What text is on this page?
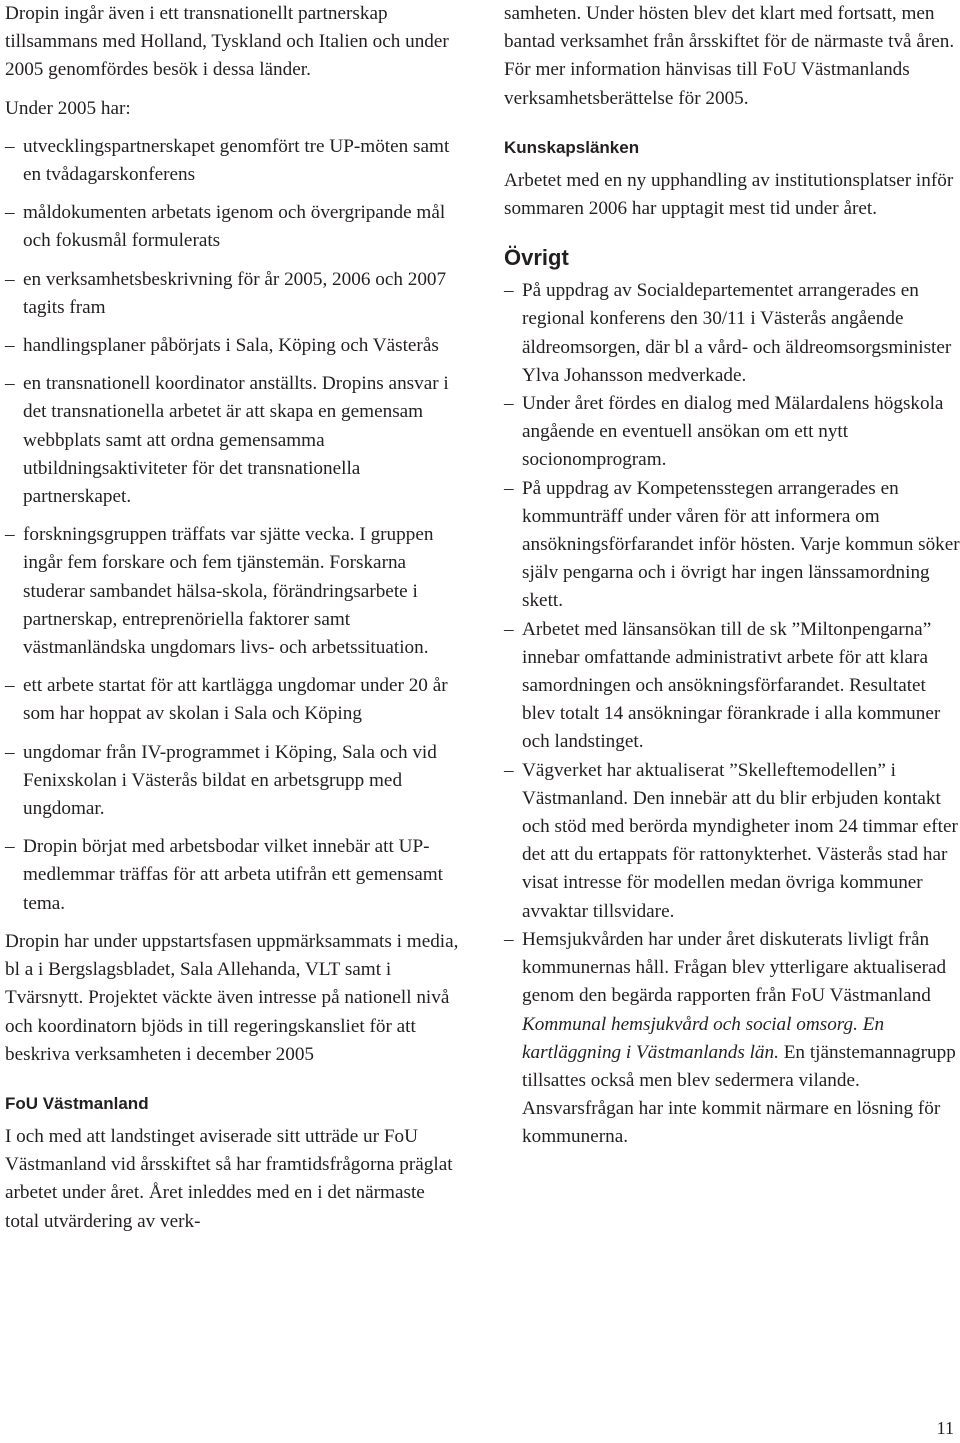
Dropin ingår även i ett transnationellt partnerskap tillsammans med Holland, Tyskland och Italien och under 2005 genomfördes besök i dessa länder.

Under 2005 har:

– utvecklingspartnerskapet genomfört tre UP-möten samt en tvådagarskonferens
– måldokumenten arbetats igenom och övergripande mål och fokusmål formulerats
– en verksamhetsbeskrivning för år 2005, 2006 och 2007 tagits fram
– handlingsplaner påbörjats i Sala, Köping och Västerås
– en transnationell koordinator anställts. Dropins ansvar i det transnationella arbetet är att skapa en gemensam webbplats samt att ordna gemensamma utbildningsaktiviteter för det transnationella partnerskapet.
– forskningsgruppen träffats var sjätte vecka. I gruppen ingår fem forskare och fem tjänstemän. Forskarna studerar sambandet hälsa-skola, förändringsarbete i partnerskap, entreprenöriella faktorer samt västmanländska ungdomars livs- och arbetssituation.
– ett arbete startat för att kartlägga ungdomar under 20 år som har hoppat av skolan i Sala och Köping
– ungdomar från IV-programmet i Köping, Sala och vid Fenixskolan i Västerås bildat en arbetsgrupp med ungdomar.
– Dropin börjat med arbetsbodar vilket innebär att UP-medlemmar träffas för att arbeta utifrån ett gemensamt tema.

Dropin har under uppstartsfasen uppmärksammats i media, bl a i Bergslagsbladet, Sala Allehanda, VLT samt i Tvärsnytt. Projektet väckte även intresse på nationell nivå och koordinatorn bjöds in till regeringskansliet för att beskriva verksamheten i december 2005

FoU Västmanland

I och med att landstinget aviserade sitt utträde ur FoU Västmanland vid årsskiftet så har framtidsfrågorna präglat arbetet under året. Året inleddes med en i det närmaste total utvärdering av verk-

samheten. Under hösten blev det klart med fortsatt, men bantad verksamhet från årsskiftet för de närmaste två åren. För mer information hänvisas till FoU Västmanlands verksamhetsberättelse för 2005.

Kunskapslänken

Arbetet med en ny upphandling av institutionsplatser inför sommaren 2006 har upptagit mest tid under året.

Övrigt
– På uppdrag av Socialdepartementet arrangerades en regional konferens den 30/11 i Västerås angående äldreomsorgen, där bl a vård- och äldreomsorgsminister Ylva Johansson medverkade.
– Under året fördes en dialog med Mälardalens högskola angående en eventuell ansökan om ett nytt socionomprogram.
– På uppdrag av Kompetensstegen arrangerades en kommunträff under våren för att informera om ansökningsförfarandet inför hösten. Varje kommun söker själv pengarna och i övrigt har ingen länssamordning skett.
– Arbetet med länsansökan till de sk ”Miltonpengarna” innebar omfattande administrativt arbete för att klara samordningen och ansökningsförfarandet. Resultatet blev totalt 14 ansökningar förankrade i alla kommuner och landstinget.
– Vägverket har aktualiserat ”Skelleftemodellen” i Västmanland. Den innebär att du blir erbjuden kontakt och stöd med berörda myndigheter inom 24 timmar efter det att du ertappats för rattonykterhet. Västerås stad har visat intresse för modellen medan övriga kommuner avvaktar tillsvidare.
– Hemsjukvården har under året diskuterats livligt från kommunernas håll. Frågan blev ytterligare aktualiserad genom den begärda rapporten från FoU Västmanland Kommunal hemsjukvård och social omsorg. En kartläggning i Västmanlands län. En tjänstemannagrupp tillsattes också men blev sedermera vilande. Ansvarsfrågan har inte kommit närmare en lösning för kommunerna.
11
